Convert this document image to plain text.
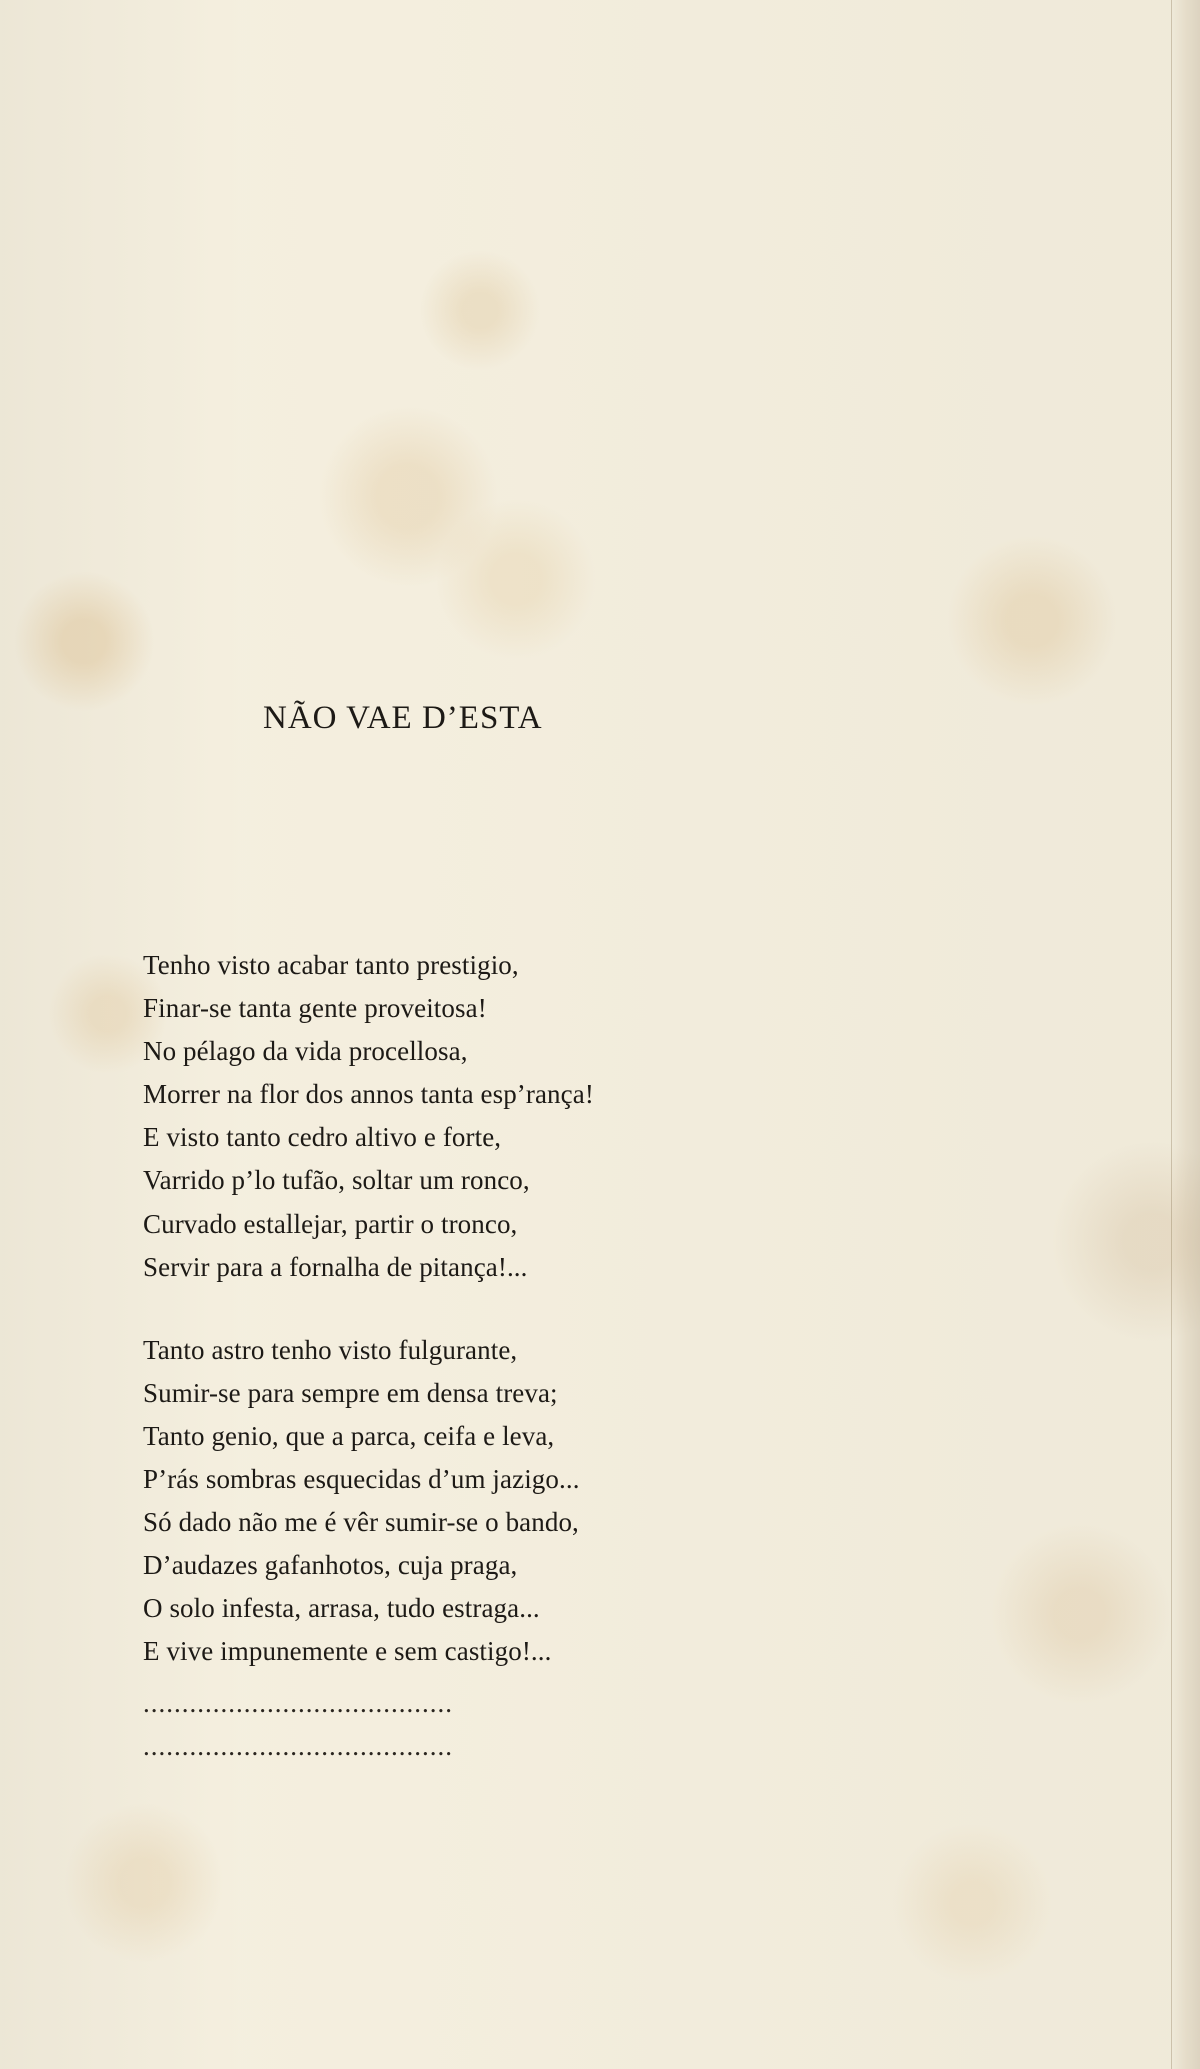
NÃO VAE D’ESTA
Tenho visto acabar tanto prestigio,
Finar-se tanta gente proveitosa!
No pélago da vida procellosa,
Morrer na flor dos annos tanta esp’rança!
E visto tanto cedro altivo e forte,
Varrido p’lo tufão, soltar um ronco,
Curvado estallejar, partir o tronco,
Servir para a fornalha de pitança!...
Tanto astro tenho visto fulgurante,
Sumir-se para sempre em densa treva;
Tanto genio, que a parca, ceifa e leva,
P’rás sombras esquecidas d’um jazigo...
Só dado não me é vêr sumir-se o bando,
D’audazes gafanhotos, cuja praga,
O solo infesta, arrasa, tudo estraga...
E vive impunemente e sem castigo!...
........................................
........................................
